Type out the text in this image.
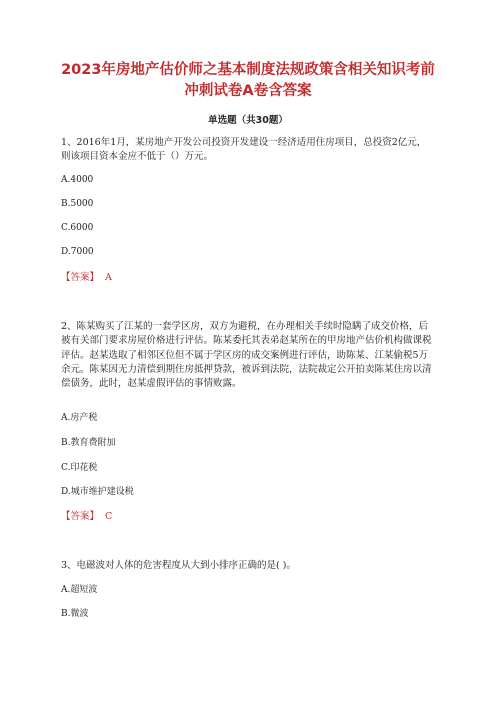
2023年房地产估价师之基本制度法规政策含相关知识考前冲刺试卷A卷含答案
单选题（共30题）
1、2016年1月，某房地产开发公司投资开发建设一经济适用住房项目，总投资2亿元，则该项目资本金应不低于（）万元。
A.4000
B.5000
C.6000
D.7000
【答案】 A
2、陈某购买了江某的一套学区房，双方为避税，在办理相关手续时隐瞒了成交价格，后被有关部门要求房屋价格进行评估。陈某委托其表弟赵某所在的甲房地产估价机构做课税评估。赵某选取了相邻区位但不属于学区房的成交案例进行评估，助陈某、江某偷税5万余元。陈某因无力清偿到期住房抵押贷款，被诉到法院，法院裁定公开拍卖陈某住房以清偿债务，此时，赵某虚假评估的事情败露。
A.房产税
B.教育费附加
C.印花税
D.城市维护建设税
【答案】 C
3、电磁波对人体的危害程度从大到小排序正确的是( )。
A.超短波
B.微波
